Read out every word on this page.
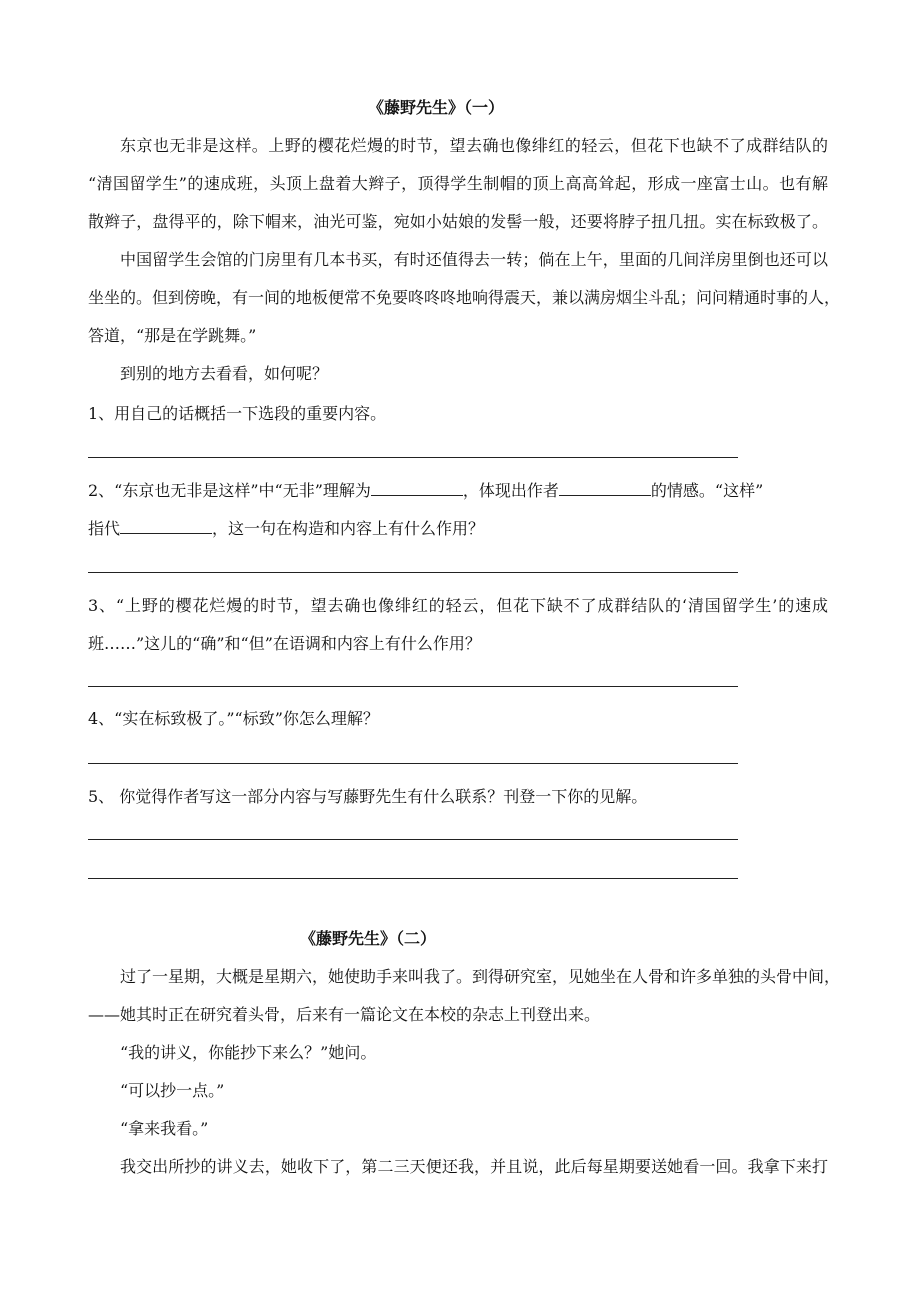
《藤野先生》（一）
东京也无非是这样。上野的樱花烂熳的时节，望去确也像绯红的轻云，但花下也缺不了成群结队的
“清国留学生”的速成班，头顶上盘着大辫子，顶得学生制帽的顶上高高耸起，形成一座富士山。也有解
散辫子，盘得平的，除下帽来，油光可鉴，宛如小姑娘的发髻一般，还要将脖子扭几扭。实在标致极了。
中国留学生会馆的门房里有几本书买，有时还值得去一转；倘在上午，里面的几间洋房里倒也还可以
坐坐的。但到傍晚，有一间的地板便常不免要咚咚咚地响得震天，兼以满房烟尘斗乱；问问精通时事的人，
答道，“那是在学跳舞。”
到别的地方去看看，如何呢？
1、用自己的话概括一下选段的重要内容。
2、“东京也无非是这样”中“无非”理解为	，体现出作者	的情感。“这样”
指代	，这一句在构造和内容上有什么作用？
3、“上野的樱花烂熳的时节，望去确也像绯红的轻云，但花下缺不了成群结队的‘清国留学生’的速成
班……”这儿的“确”和“但”在语调和内容上有什么作用？
4、“实在标致极了。”“标致”你怎么理解？
5、 你觉得作者写这一部分内容与写藤野先生有什么联系？刊登一下你的见解。
《藤野先生》（二）
过了一星期，大概是星期六，她使助手来叫我了。到得研究室，见她坐在人骨和许多单独的头骨中间，
——她其时正在研究着头骨，后来有一篇论文在本校的杂志上刊登出来。
“我的讲义，你能抄下来么？”她问。
“可以抄一点。”
“拿来我看。”
我交出所抄的讲义去，她收下了，第二三天便还我，并且说，此后每星期要送她看一回。我拿下来打
